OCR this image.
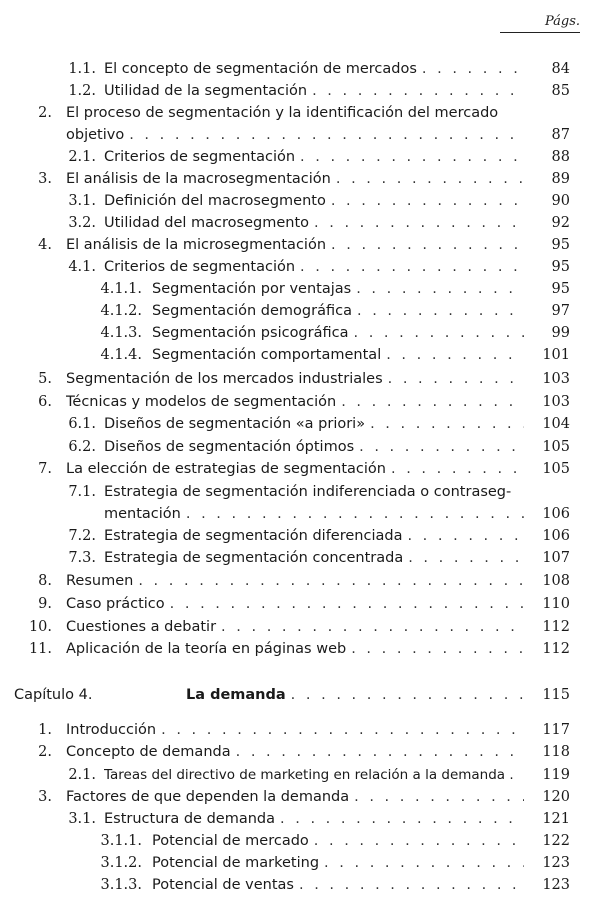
Págs.
1.1. El concepto de segmentación de mercados . . .	84
1.2. Utilidad de la segmentación . . .	85
2. El proceso de segmentación y la identificación del mercado
objetivo . . .	87
2.1. Criterios de segmentación . . .	88
3. El análisis de la macrosegmentación . . .	89
3.1. Definición del macrosegmento . . .	90
3.2. Utilidad del macrosegmento . . .	92
4. El análisis de la microsegmentación . . .	95
4.1. Criterios de segmentación . . .	95
4.1.1. Segmentación por ventajas . . .	95
4.1.2. Segmentación demográfica . . .	97
4.1.3. Segmentación psicográfica . . .	99
4.1.4. Segmentación comportamental . . .	101
5. Segmentación de los mercados industriales . . .	103
6. Técnicas y modelos de segmentación . . .	103
6.1. Diseños de segmentación «a priori» . . .	104
6.2. Diseños de segmentación óptimos . . .	105
7. La elección de estrategias de segmentación . . .	105
7.1. Estrategia de segmentación indiferenciada o contraseg-
mentación . . .	106
7.2. Estrategia de segmentación diferenciada . . .	106
7.3. Estrategia de segmentación concentrada . . .	107
8. Resumen . . .	108
9. Caso práctico . . .	110
10. Cuestiones a debatir . . .	112
11. Aplicación de la teoría en páginas web . . .	112
Capítulo 4.	La demanda . . .	115
1. Introducción . . .	117
2. Concepto de demanda . . .	118
2.1. Tareas del directivo de marketing en relación a la demanda .	119
3. Factores de que dependen la demanda . . .	120
3.1. Estructura de demanda . . .	121
3.1.1. Potencial de mercado . . .	122
3.1.2. Potencial de marketing . . .	123
3.1.3. Potencial de ventas . . .	123
